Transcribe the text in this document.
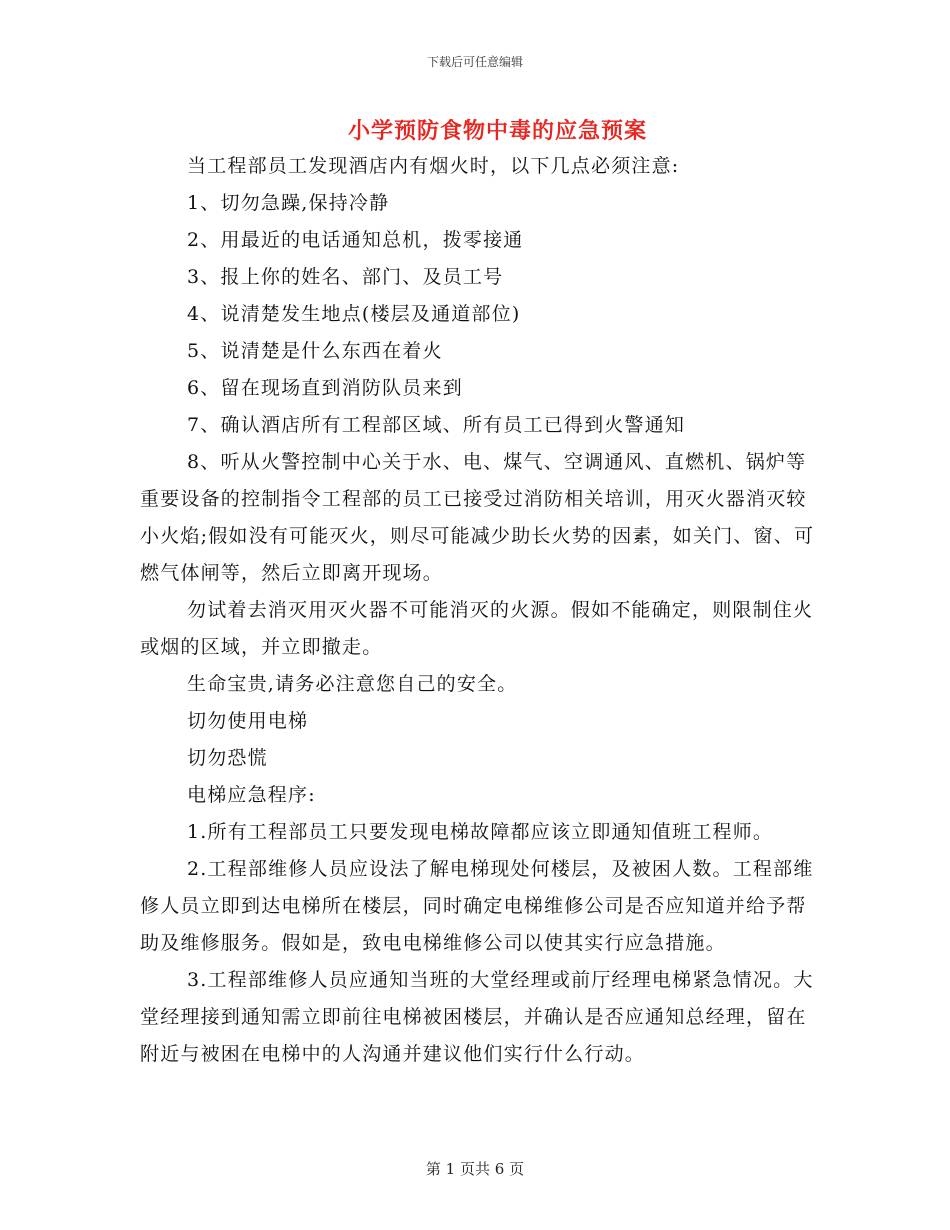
下载后可任意编辑
小学预防食物中毒的应急预案

当工程部员工发现酒店内有烟火时，以下几点必须注意:

1、切勿急躁,保持冷静

2、用最近的电话通知总机，拨零接通

3、报上你的姓名、部门、及员工号

4、说清楚发生地点(楼层及通道部位)

5、说清楚是什么东西在着火

6、留在现场直到消防队员来到

7、确认酒店所有工程部区域、所有员工已得到火警通知

8、听从火警控制中心关于水、电、煤气、空调通风、直燃机、锅炉等重要设备的控制指令工程部的员工已接受过消防相关培训，用灭火器消灭较小火焰;假如没有可能灭火，则尽可能减少助长火势的因素，如关门、窗、可燃气体闸等，然后立即离开现场。

勿试着去消灭用灭火器不可能消灭的火源。假如不能确定，则限制住火或烟的区域，并立即撤走。

生命宝贵,请务必注意您自己的安全。

切勿使用电梯

切勿恐慌

电梯应急程序:

1.所有工程部员工只要发现电梯故障都应该立即通知值班工程师。

2.工程部维修人员应设法了解电梯现处何楼层，及被困人数。工程部维修人员立即到达电梯所在楼层，同时确定电梯维修公司是否应知道并给予帮助及维修服务。假如是，致电电梯维修公司以使其实行应急措施。

3.工程部维修人员应通知当班的大堂经理或前厅经理电梯紧急情况。大堂经理接到通知需立即前往电梯被困楼层，并确认是否应通知总经理，留在附近与被困在电梯中的人沟通并建议他们实行什么行动。

第 1 页共 6 页
